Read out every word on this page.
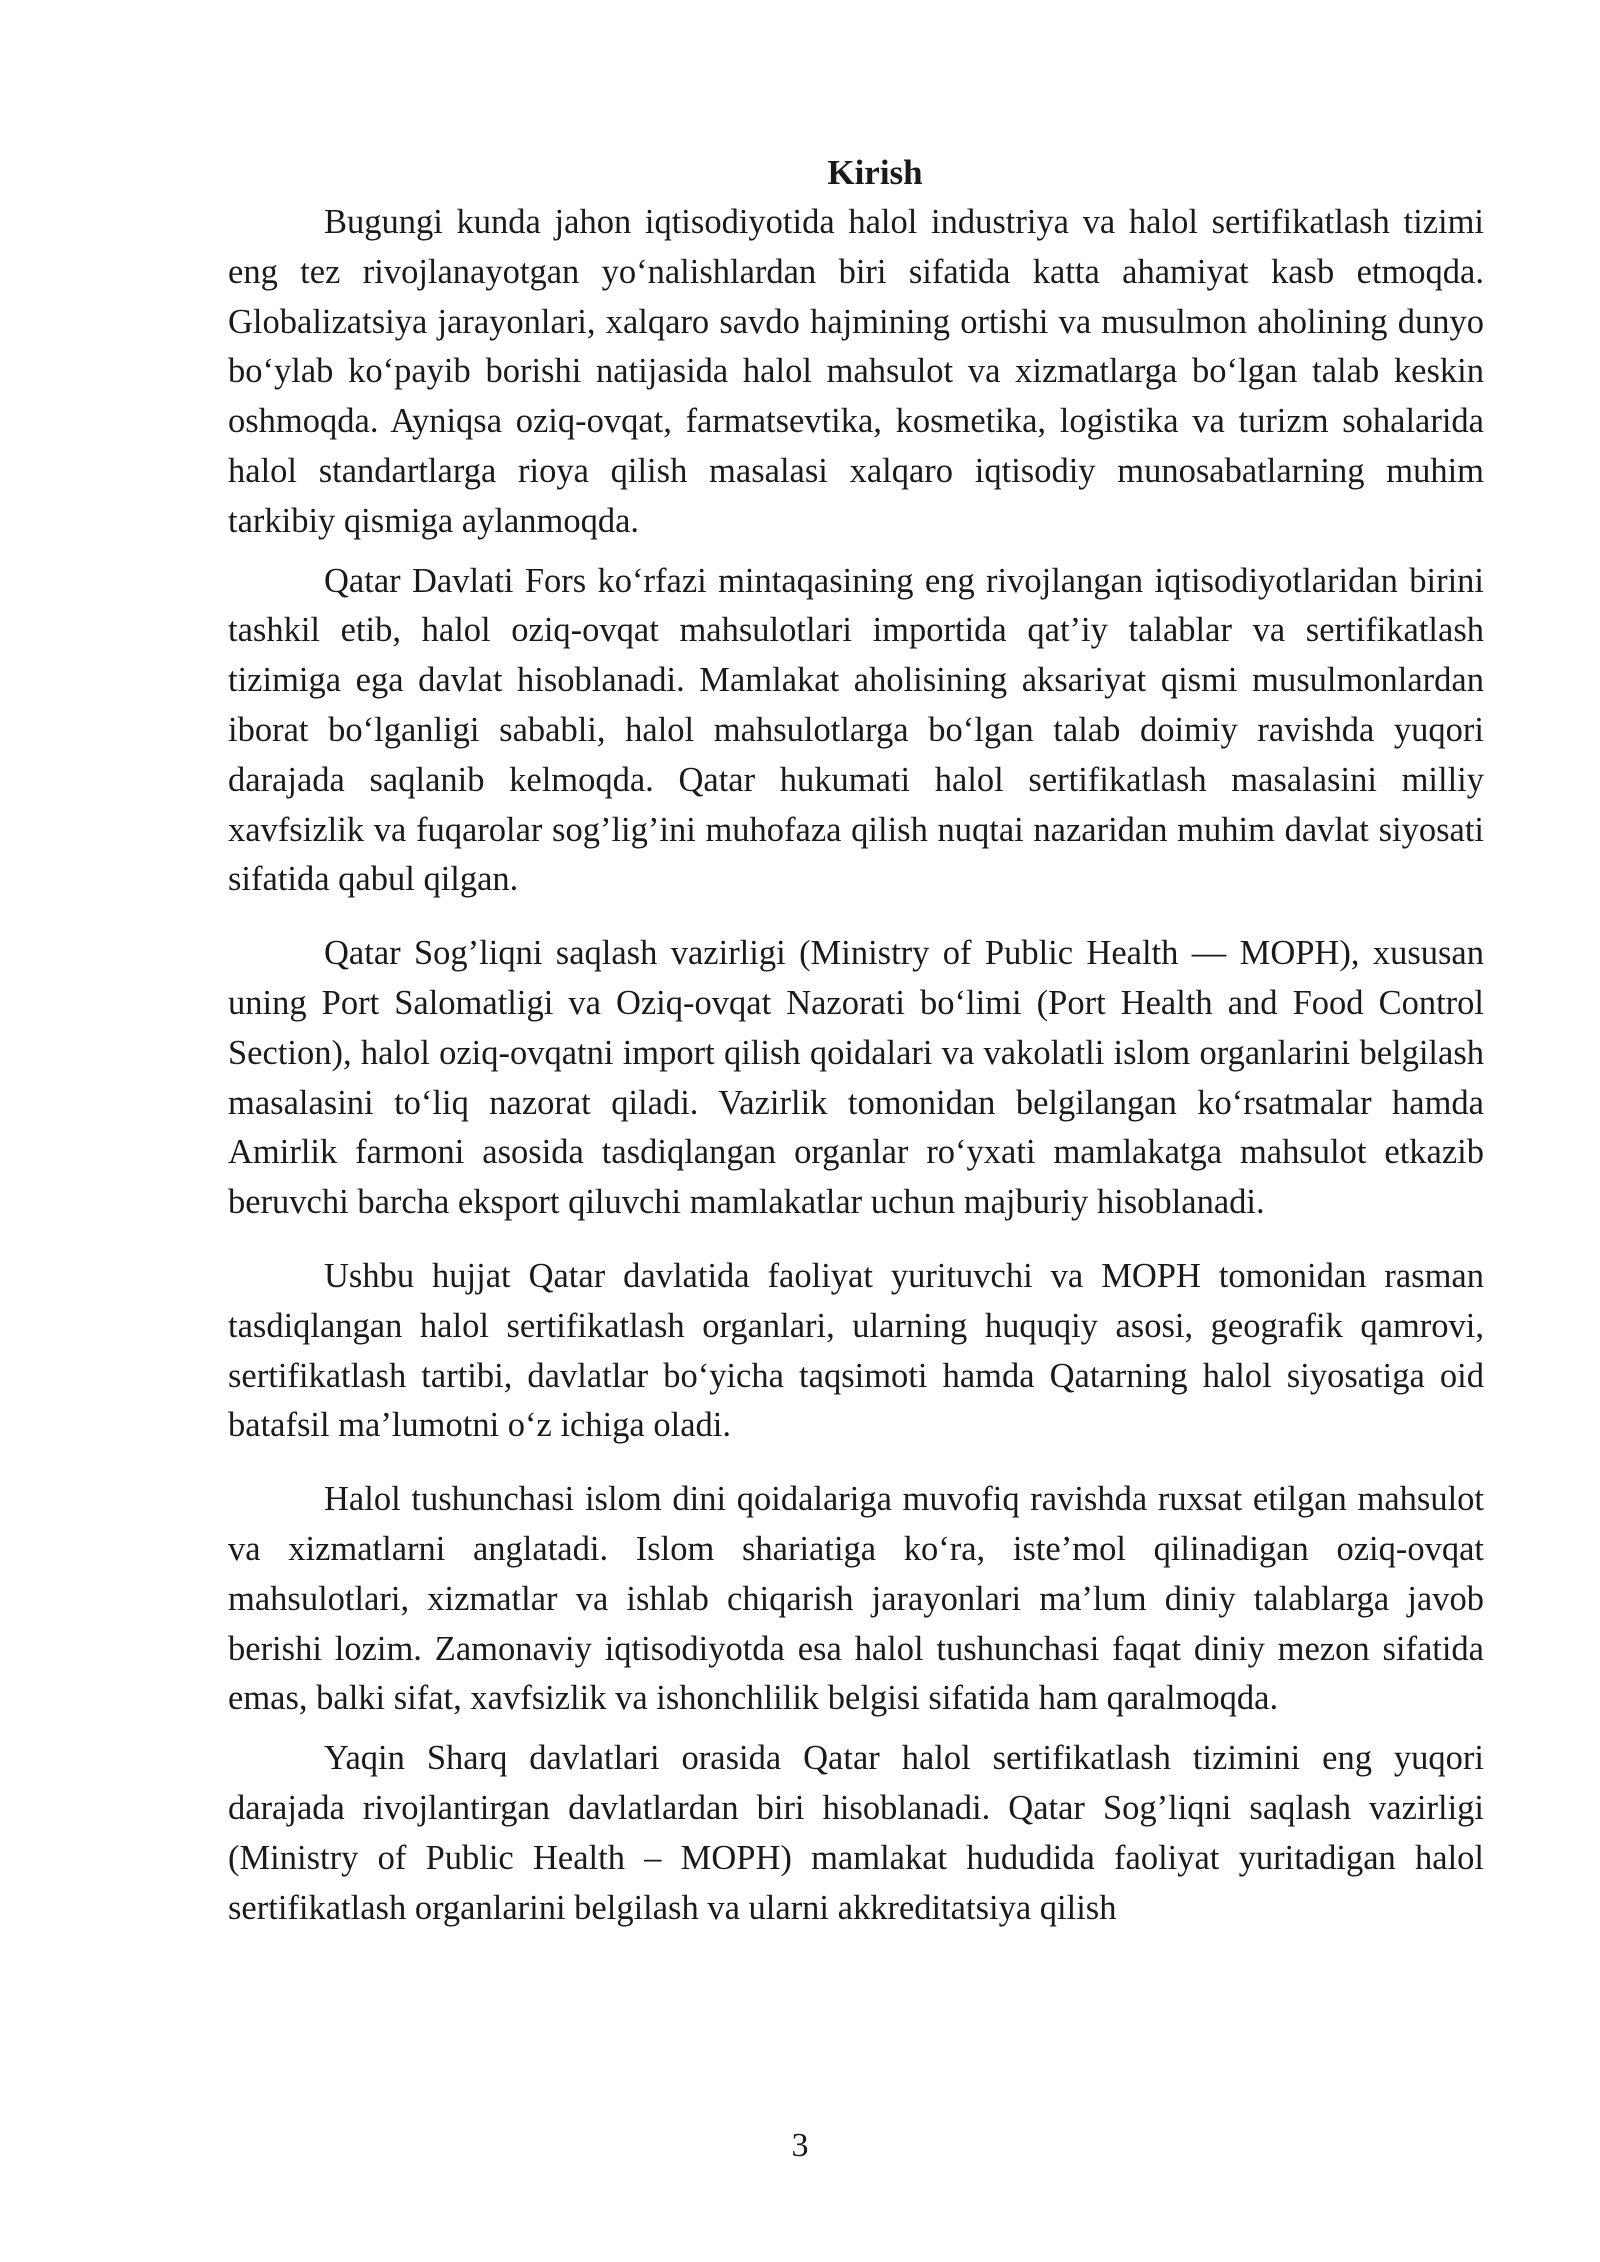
Kirish

Bugungi kunda jahon iqtisodiyotida halol industriya va halol sertifikatlash tizimi eng tez rivojlanayotgan yo‘nalishlardan biri sifatida katta ahamiyat kasb etmoqda. Globalizatsiya jarayonlari, xalqaro savdo hajmining ortishi va musulmon aholining dunyo bo‘ylab ko‘payib borishi natijasida halol mahsulot va xizmatlarga bo‘lgan talab keskin oshmoqda. Ayniqsa oziq-ovqat, farmatsevtika, kosmetika, logistika va turizm sohalarida halol standartlarga rioya qilish masalasi xalqaro iqtisodiy munosabatlarning muhim tarkibiy qismiga aylanmoqda.

Qatar Davlati Fors ko‘rfazi mintaqasining eng rivojlangan iqtisodiyotlaridan birini tashkil etib, halol oziq-ovqat mahsulotlari importida qat’iy talablar va sertifikatlash tizimiga ega davlat hisoblanadi. Mamlakat aholisining aksariyat qismi musulmonlardan iborat bo‘lganligi sababli, halol mahsulotlarga bo‘lgan talab doimiy ravishda yuqori darajada saqlanib kelmoqda. Qatar hukumati halol sertifikatlash masalasini milliy xavfsizlik va fuqarolar sog’lig’ini muhofaza qilish nuqtai nazaridan muhim davlat siyosati sifatida qabul qilgan.

Qatar Sog’liqni saqlash vazirligi (Ministry of Public Health — MOPH), xususan uning Port Salomatligi va Oziq-ovqat Nazorati bo‘limi (Port Health and Food Control Section), halol oziq-ovqatni import qilish qoidalari va vakolatli islom organlarini belgilash masalasini to‘liq nazorat qiladi. Vazirlik tomonidan belgilangan ko‘rsatmalar hamda Amirlik farmoni asosida tasdiqlangan organlar ro‘yxati mamlakatga mahsulot etkazib beruvchi barcha eksport qiluvchi mamlakatlar uchun majburiy hisoblanadi.

Ushbu hujjat Qatar davlatida faoliyat yurituvchi va MOPH tomonidan rasman tasdiqlangan halol sertifikatlash organlari, ularning huquqiy asosi, geografik qamrovi, sertifikatlash tartibi, davlatlar bo‘yicha taqsimoti hamda Qatarning halol siyosatiga oid batafsil ma’lumotni o‘z ichiga oladi.

Halol tushunchasi islom dini qoidalariga muvofiq ravishda ruxsat etilgan mahsulot va xizmatlarni anglatadi. Islom shariatiga ko‘ra, iste’mol qilinadigan oziq-ovqat mahsulotlari, xizmatlar va ishlab chiqarish jarayonlari ma’lum diniy talablarga javob berishi lozim. Zamonaviy iqtisodiyotda esa halol tushunchasi faqat diniy mezon sifatida emas, balki sifat, xavfsizlik va ishonchlilik belgisi sifatida ham qaralmoqda.

Yaqin Sharq davlatlari orasida Qatar halol sertifikatlash tizimini eng yuqori darajada rivojlantirgan davlatlardan biri hisoblanadi. Qatar Sog’liqni saqlash vazirligi (Ministry of Public Health – MOPH) mamlakat hududida faoliyat yuritadigan halol sertifikatlash organlarini belgilash va ularni akkreditatsiya qilish

3
